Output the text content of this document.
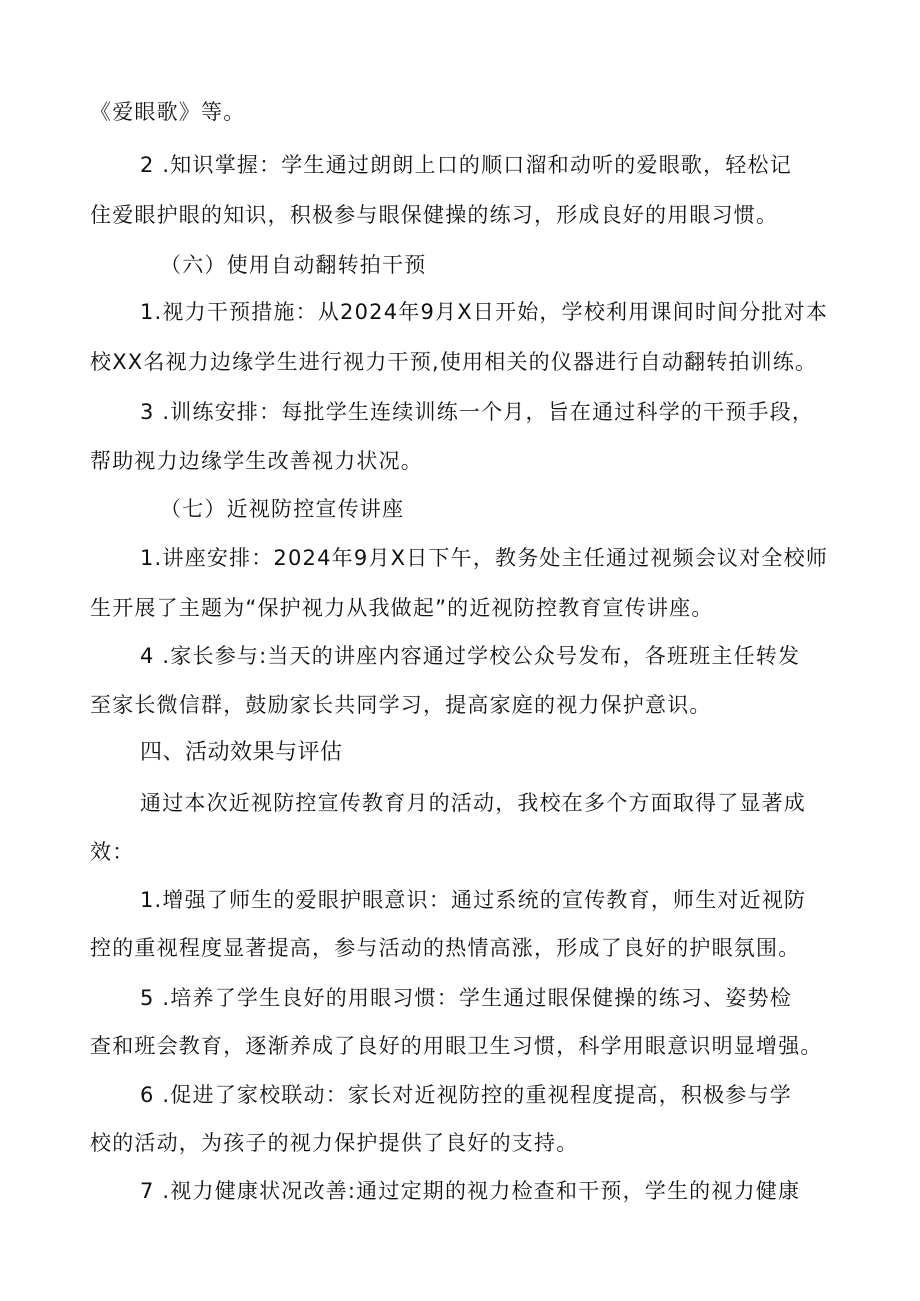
《爱眼歌》等。
2 .知识掌握：学生通过朗朗上口的顺口溜和动听的爱眼歌，轻松记
住爱眼护眼的知识，积极参与眼保健操的练习，形成良好的用眼习惯。
（六）使用自动翻转拍干预
1.视力干预措施：从2024年9月X日开始，学校利用课间时间分批对本
校XX名视力边缘学生进行视力干预,使用相关的仪器进行自动翻转拍训练。
3 .训练安排：每批学生连续训练一个月，旨在通过科学的干预手段，
帮助视力边缘学生改善视力状况。
（七）近视防控宣传讲座
1.讲座安排：2024年9月X日下午，教务处主任通过视频会议对全校师
生开展了主题为“保护视力从我做起”的近视防控教育宣传讲座。
4 .家长参与:当天的讲座内容通过学校公众号发布，各班班主任转发
至家长微信群，鼓励家长共同学习，提高家庭的视力保护意识。
四、活动效果与评估
通过本次近视防控宣传教育月的活动，我校在多个方面取得了显著成
效：
1.增强了师生的爱眼护眼意识：通过系统的宣传教育，师生对近视防
控的重视程度显著提高，参与活动的热情高涨，形成了良好的护眼氛围。
5 .培养了学生良好的用眼习惯：学生通过眼保健操的练习、姿势检
查和班会教育，逐渐养成了良好的用眼卫生习惯，科学用眼意识明显增强。
6 .促进了家校联动：家长对近视防控的重视程度提高，积极参与学
校的活动，为孩子的视力保护提供了良好的支持。
7 .视力健康状况改善:通过定期的视力检查和干预，学生的视力健康
